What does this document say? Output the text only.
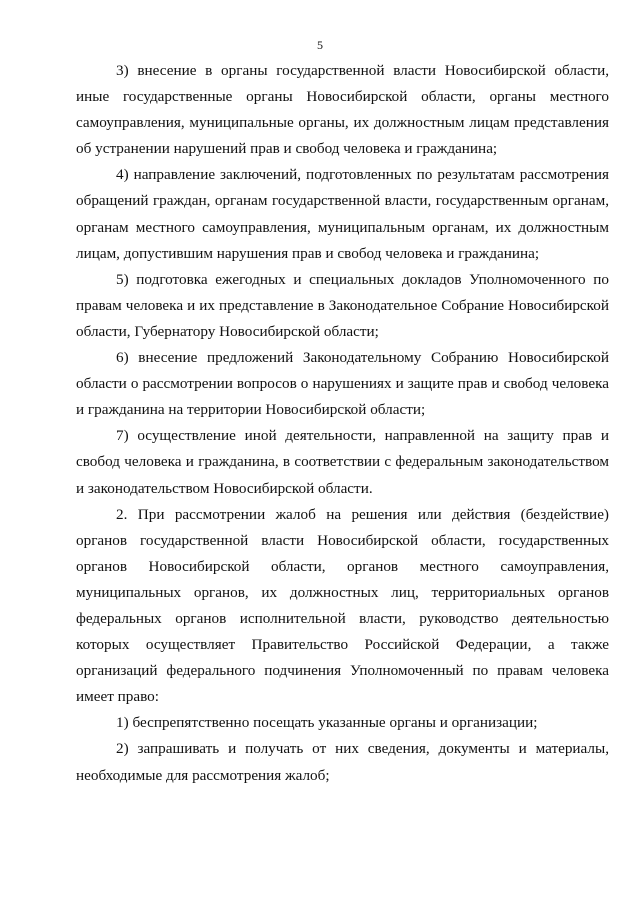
5

3) внесение в органы государственной власти Новосибирской области, иные государственные органы Новосибирской области, органы местного самоуправления, муниципальные органы, их должностным лицам представления об устранении нарушений прав и свобод человека и гражданина;

4) направление заключений, подготовленных по результатам рассмотрения обращений граждан, органам государственной власти, государственным органам, органам местного самоуправления, муниципальным органам, их должностным лицам, допустившим нарушения прав и свобод человека и гражданина;

5) подготовка ежегодных и специальных докладов Уполномоченного по правам человека и их представление в Законодательное Собрание Новосибирской области, Губернатору Новосибирской области;

6) внесение предложений Законодательному Собранию Новосибирской области о рассмотрении вопросов о нарушениях и защите прав и свобод человека и гражданина на территории Новосибирской области;

7) осуществление иной деятельности, направленной на защиту прав и свобод человека и гражданина, в соответствии с федеральным законодательством и законодательством Новосибирской области.

2. При рассмотрении жалоб на решения или действия (бездействие) органов государственной власти Новосибирской области, государственных органов Новосибирской области, органов местного самоуправления, муниципальных органов, их должностных лиц, территориальных органов федеральных органов исполнительной власти, руководство деятельностью которых осуществляет Правительство Российской Федерации, а также организаций федерального подчинения Уполномоченный по правам человека имеет право:

1) беспрепятственно посещать указанные органы и организации;

2) запрашивать и получать от них сведения, документы и материалы, необходимые для рассмотрения жалоб;
